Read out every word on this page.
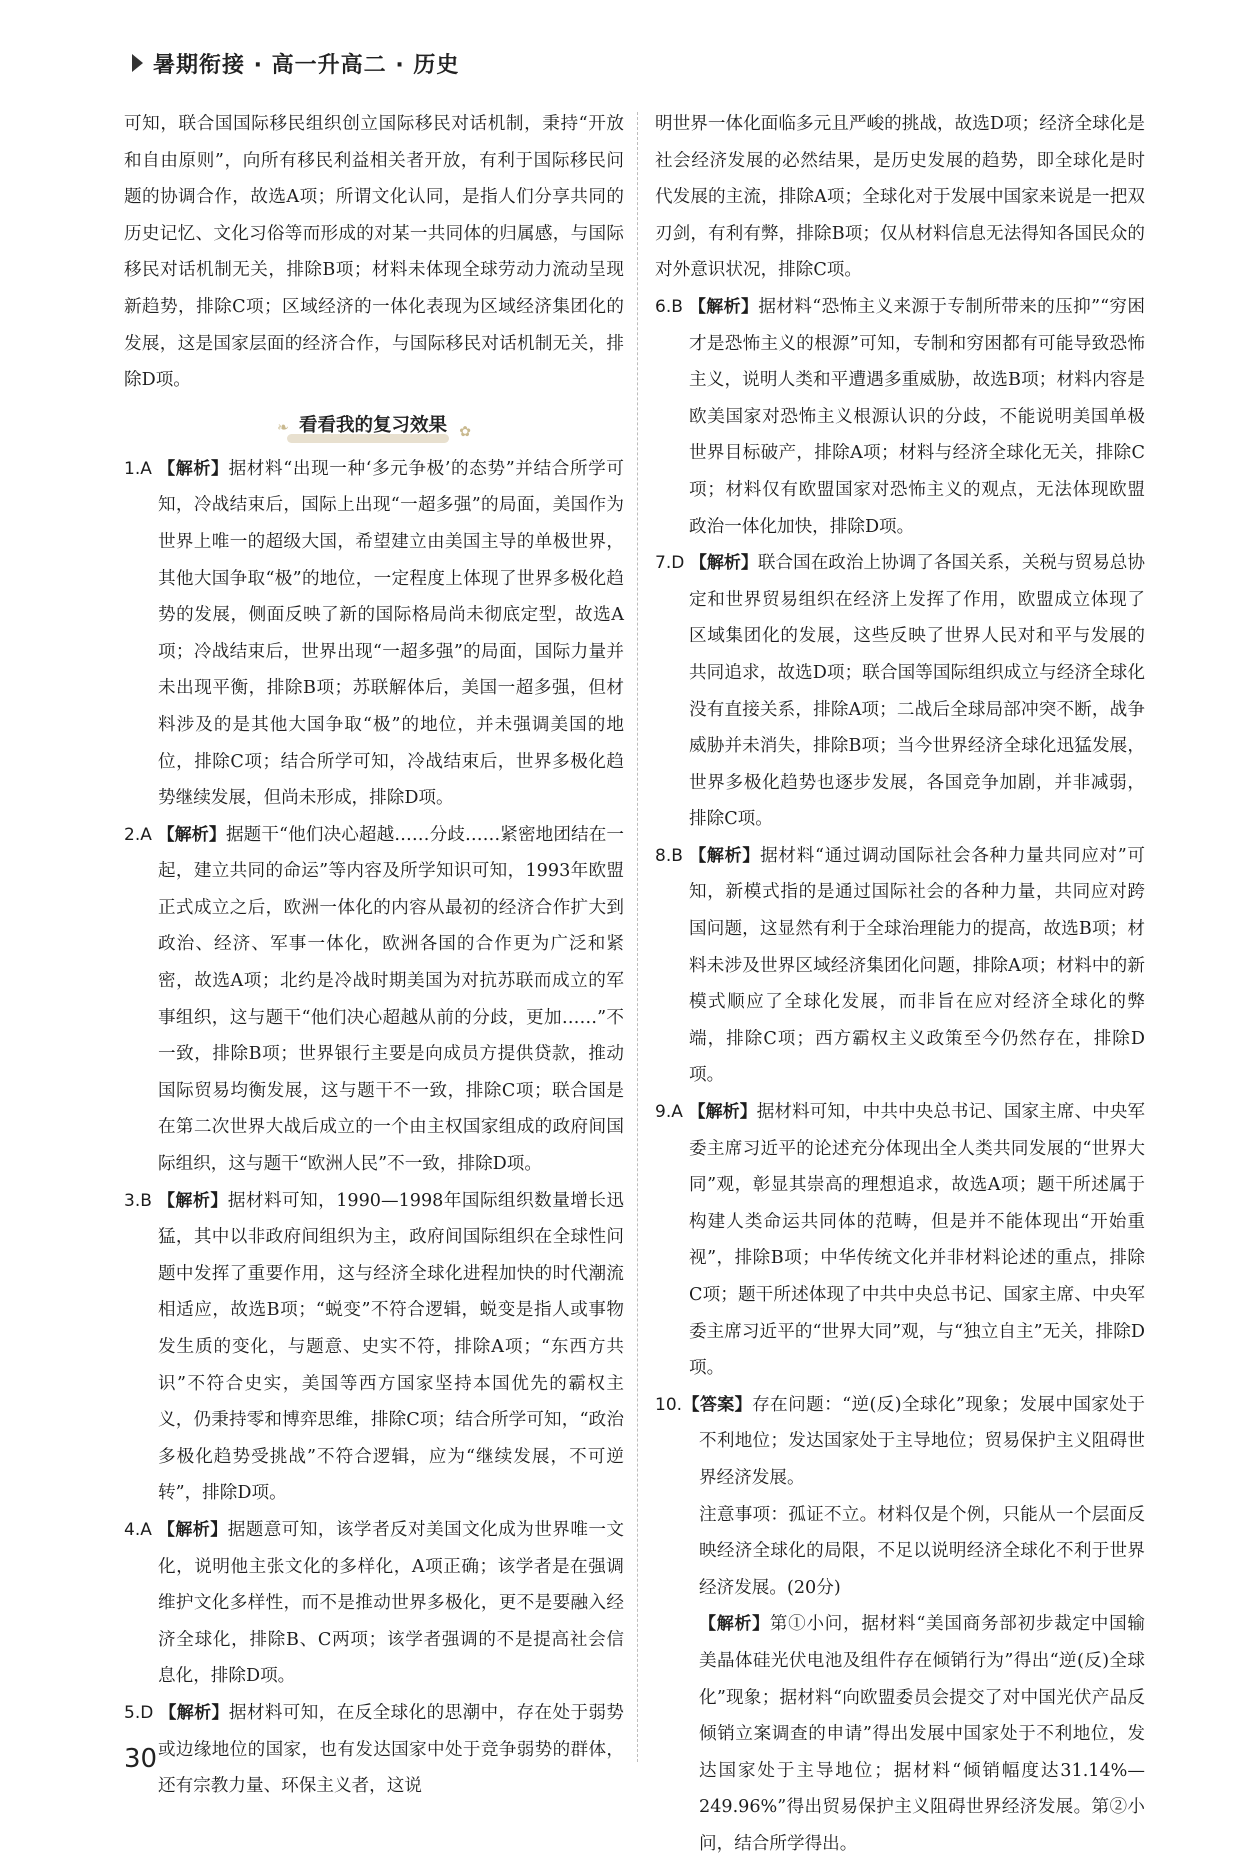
暑期衔接 · 高一升高二 · 历史

可知，联合国国际移民组织创立国际移民对话机制，秉持“开放和自由原则”，向所有移民利益相关者开放，有利于国际移民问题的协调合作，故选A项；所谓文化认同，是指人们分享共同的历史记忆、文化习俗等而形成的对某一共同体的归属感，与国际移民对话机制无关，排除B项；材料未体现全球劳动力流动呈现新趋势，排除C项；区域经济的一体化表现为区域经济集团化的发展，这是国家层面的经济合作，与国际移民对话机制无关，排除D项。

❧ 看看我的复习效果 ✿

1.A 【解析】据材料“出现一种‘多元争极’的态势”并结合所学可知，冷战结束后，国际上出现“一超多强”的局面，美国作为世界上唯一的超级大国，希望建立由美国主导的单极世界，其他大国争取“极”的地位，一定程度上体现了世界多极化趋势的发展，侧面反映了新的国际格局尚未彻底定型，故选A项；冷战结束后，世界出现“一超多强”的局面，国际力量并未出现平衡，排除B项；苏联解体后，美国一超多强，但材料涉及的是其他大国争取“极”的地位，并未强调美国的地位，排除C项；结合所学可知，冷战结束后，世界多极化趋势继续发展，但尚未形成，排除D项。

2.A 【解析】据题干“他们决心超越……分歧……紧密地团结在一起，建立共同的命运”等内容及所学知识可知，1993年欧盟正式成立之后，欧洲一体化的内容从最初的经济合作扩大到政治、经济、军事一体化，欧洲各国的合作更为广泛和紧密，故选A项；北约是冷战时期美国为对抗苏联而成立的军事组织，这与题干“他们决心超越从前的分歧，更加……”不一致，排除B项；世界银行主要是向成员方提供贷款，推动国际贸易均衡发展，这与题干不一致，排除C项；联合国是在第二次世界大战后成立的一个由主权国家组成的政府间国际组织，这与题干“欧洲人民”不一致，排除D项。

3.B 【解析】据材料可知，1990—1998年国际组织数量增长迅猛，其中以非政府间组织为主，政府间国际组织在全球性问题中发挥了重要作用，这与经济全球化进程加快的时代潮流相适应，故选B项；“蜕变”不符合逻辑，蜕变是指人或事物发生质的变化，与题意、史实不符，排除A项；“东西方共识”不符合史实，美国等西方国家坚持本国优先的霸权主义，仍秉持零和博弈思维，排除C项；结合所学可知，“政治多极化趋势受挑战”不符合逻辑，应为“继续发展，不可逆转”，排除D项。

4.A 【解析】据题意可知，该学者反对美国文化成为世界唯一文化，说明他主张文化的多样化，A项正确；该学者是在强调维护文化多样性，而不是推动世界多极化，更不是要融入经济全球化，排除B、C两项；该学者强调的不是提高社会信息化，排除D项。

5.D 【解析】据材料可知，在反全球化的思潮中，存在处于弱势或边缘地位的国家，也有发达国家中处于竞争弱势的群体，还有宗教力量、环保主义者，这说

明世界一体化面临多元且严峻的挑战，故选D项；经济全球化是社会经济发展的必然结果，是历史发展的趋势，即全球化是时代发展的主流，排除A项；全球化对于发展中国家来说是一把双刃剑，有利有弊，排除B项；仅从材料信息无法得知各国民众的对外意识状况，排除C项。

6.B 【解析】据材料“恐怖主义来源于专制所带来的压抑”“穷困才是恐怖主义的根源”可知，专制和穷困都有可能导致恐怖主义，说明人类和平遭遇多重威胁，故选B项；材料内容是欧美国家对恐怖主义根源认识的分歧，不能说明美国单极世界目标破产，排除A项；材料与经济全球化无关，排除C项；材料仅有欧盟国家对恐怖主义的观点，无法体现欧盟政治一体化加快，排除D项。

7.D 【解析】联合国在政治上协调了各国关系，关税与贸易总协定和世界贸易组织在经济上发挥了作用，欧盟成立体现了区域集团化的发展，这些反映了世界人民对和平与发展的共同追求，故选D项；联合国等国际组织成立与经济全球化没有直接关系，排除A项；二战后全球局部冲突不断，战争威胁并未消失，排除B项；当今世界经济全球化迅猛发展，世界多极化趋势也逐步发展，各国竞争加剧，并非减弱，排除C项。

8.B 【解析】据材料“通过调动国际社会各种力量共同应对”可知，新模式指的是通过国际社会的各种力量，共同应对跨国问题，这显然有利于全球治理能力的提高，故选B项；材料未涉及世界区域经济集团化问题，排除A项；材料中的新模式顺应了全球化发展，而非旨在应对经济全球化的弊端，排除C项；西方霸权主义政策至今仍然存在，排除D项。

9.A 【解析】据材料可知，中共中央总书记、国家主席、中央军委主席习近平的论述充分体现出全人类共同发展的“世界大同”观，彰显其崇高的理想追求，故选A项；题干所述属于构建人类命运共同体的范畴，但是并不能体现出“开始重视”，排除B项；中华传统文化并非材料论述的重点，排除C项；题干所述体现了中共中央总书记、国家主席、中央军委主席习近平的“世界大同”观，与“独立自主”无关，排除D项。

10.【答案】存在问题：“逆(反)全球化”现象；发展中国家处于不利地位；发达国家处于主导地位；贸易保护主义阻碍世界经济发展。

注意事项：孤证不立。材料仅是个例，只能从一个层面反映经济全球化的局限，不足以说明经济全球化不利于世界经济发展。(20分)

【解析】第①小问，据材料“美国商务部初步裁定中国输美晶体硅光伏电池及组件存在倾销行为”得出“逆(反)全球化”现象；据材料“向欧盟委员会提交了对中国光伏产品反倾销立案调查的申请”得出发展中国家处于不利地位，发达国家处于主导地位；据材料“倾销幅度达31.14%—249.96%”得出贸易保护主义阻碍世界经济发展。第②小问，结合所学得出。

30
